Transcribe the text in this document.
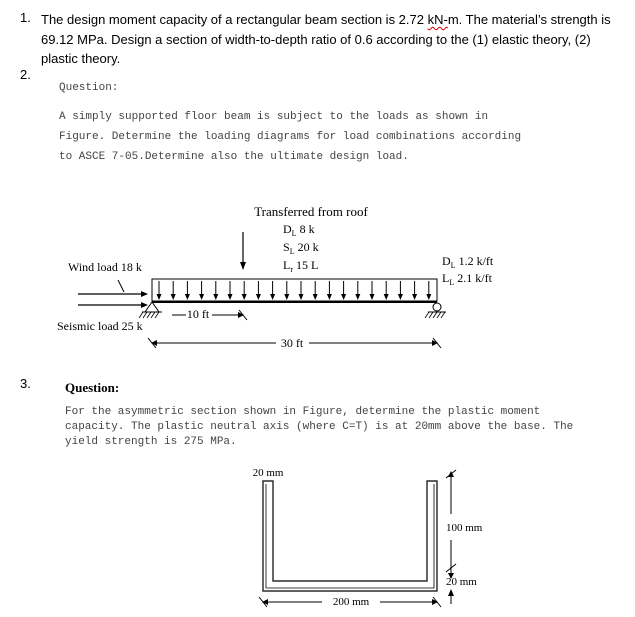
1. The design moment capacity of a rectangular beam section is 2.72 kN-m. The material’s strength is 69.12 MPa. Design a section of width-to-depth ratio of 0.6 according to the (1) elastic theory, (2) plastic theory.
2.
Question:
A simply supported floor beam is subject to the loads as shown in
Figure. Determine the loading diagrams for load combinations according
to ASCE 7-05.Determine also the ultimate design load.
Transferred from roof
$D_L$ 8 k
$S_L$ 20 k
$L_r$ 15 L	$D_L$ 1.2 k/ft
$L_L$ 2.1 k/ft
Wind load 18 k
Seismic load 25 k
10 ft
30 ft
3.	Question:
For the asymmetric section shown in Figure, determine the plastic moment
capacity. The plastic neutral axis (where C=T) is at 20mm above the base. The
yield strength is 275 MPa.
20 mm
100 mm
20 mm
200 mm
